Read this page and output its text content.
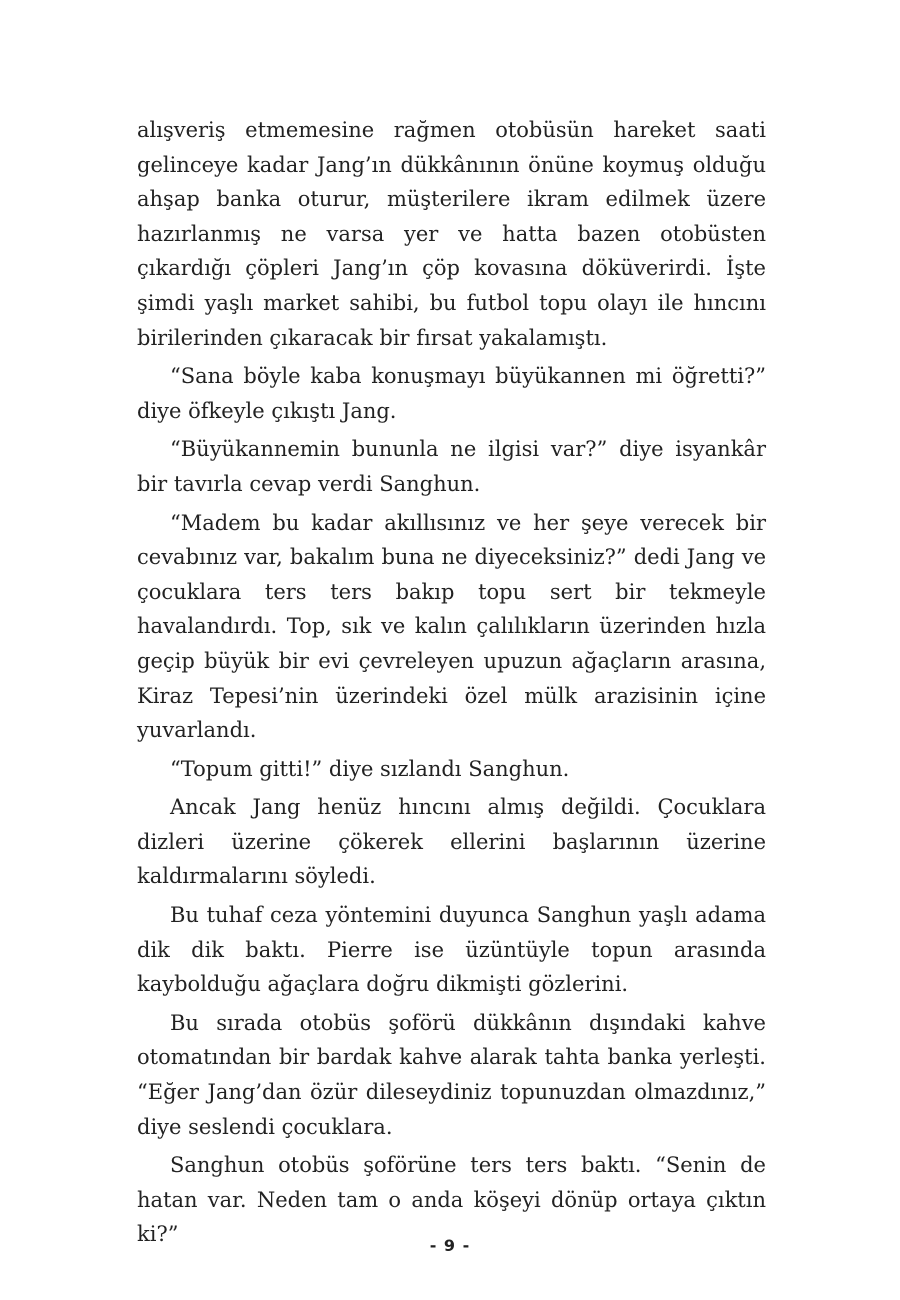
alışveriş etmemesine rağmen otobüsün hareket saati gelinceye kadar Jang’ın dükkânının önüne koymuş olduğu ahşap banka oturur, müşterilere ikram edilmek üzere hazırlanmış ne varsa yer ve hatta bazen otobüsten çıkardığı çöpleri Jang’ın çöp kovasına döküverirdi. İşte şimdi yaşlı market sahibi, bu futbol topu olayı ile hıncını birilerinden çıkaracak bir fırsat yakalamıştı.

“Sana böyle kaba konuşmayı büyükannen mi öğretti?” diye öfkeyle çıkıştı Jang.

“Büyükannemin bununla ne ilgisi var?” diye isyankâr bir tavırla cevap verdi Sanghun.

“Madem bu kadar akıllısınız ve her şeye verecek bir cevabınız var, bakalım buna ne diyeceksiniz?” dedi Jang ve çocuklara ters ters bakıp topu sert bir tekmeyle havalandırdı. Top, sık ve kalın çalılıkların üzerinden hızla geçip büyük bir evi çevreleyen upuzun ağaçların arasına, Kiraz Tepesi’nin üzerindeki özel mülk arazisinin içine yuvarlandı.

“Topum gitti!” diye sızlandı Sanghun.

Ancak Jang henüz hıncını almış değildi. Çocuklara dizleri üzerine çökerek ellerini başlarının üzerine kaldırmalarını söyledi.

Bu tuhaf ceza yöntemini duyunca Sanghun yaşlı adama dik dik baktı. Pierre ise üzüntüyle topun arasında kaybolduğu ağaçlara doğru dikmişti gözlerini.

Bu sırada otobüs şoförü dükkânın dışındaki kahve otomatından bir bardak kahve alarak tahta banka yerleşti. “Eğer Jang’dan özür dileseydiniz topunuzdan olmazdınız,” diye seslendi çocuklara.

Sanghun otobüs şoförüne ters ters baktı. “Senin de hatan var. Neden tam o anda köşeyi dönüp ortaya çıktın ki?”	- 9 -
